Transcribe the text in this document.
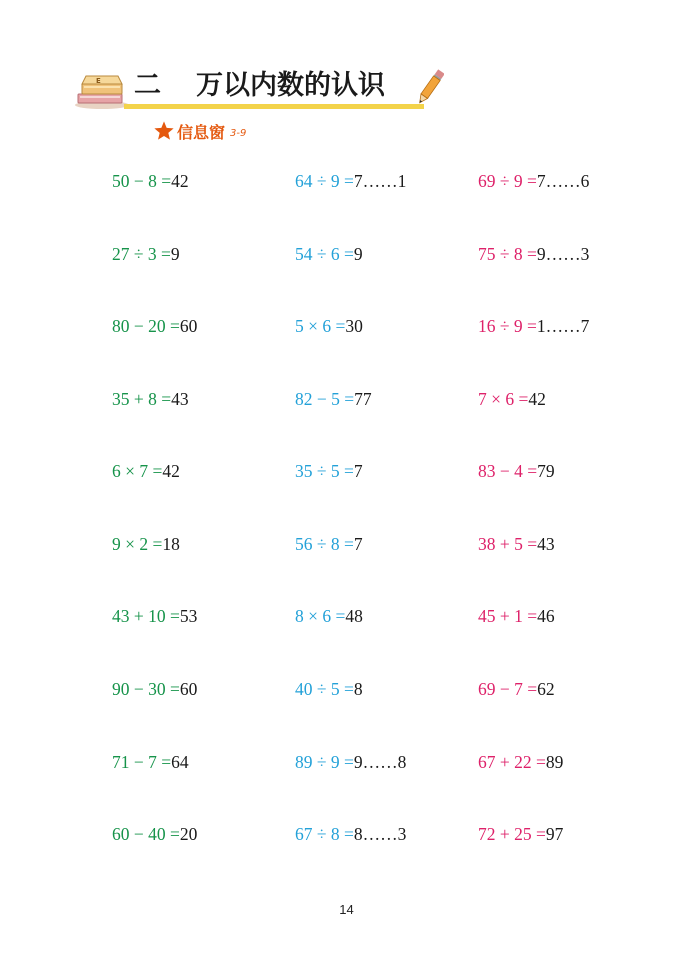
E 二 万以内数的认识
信息窗 3-9
50 − 8 =42	64 ÷ 9 =7……1	69 ÷ 9 =7……6
27 ÷ 3 =9	54 ÷ 6 =9	75 ÷ 8 =9……3
80 − 20 =60	5 × 6 =30	16 ÷ 9 =1……7
35 + 8 =43	82 − 5 =77	7 × 6 =42
6 × 7 =42	35 ÷ 5 =7	83 − 4 =79
9 × 2 =18	56 ÷ 8 =7	38 + 5 =43
43 + 10 =53	8 × 6 =48	45 + 1 =46
90 − 30 =60	40 ÷ 5 =8	69 − 7 =62
71 − 7 =64	89 ÷ 9 =9……8	67 + 22 =89
60 − 40 =20	67 ÷ 8 =8……3	72 + 25 =97
14
